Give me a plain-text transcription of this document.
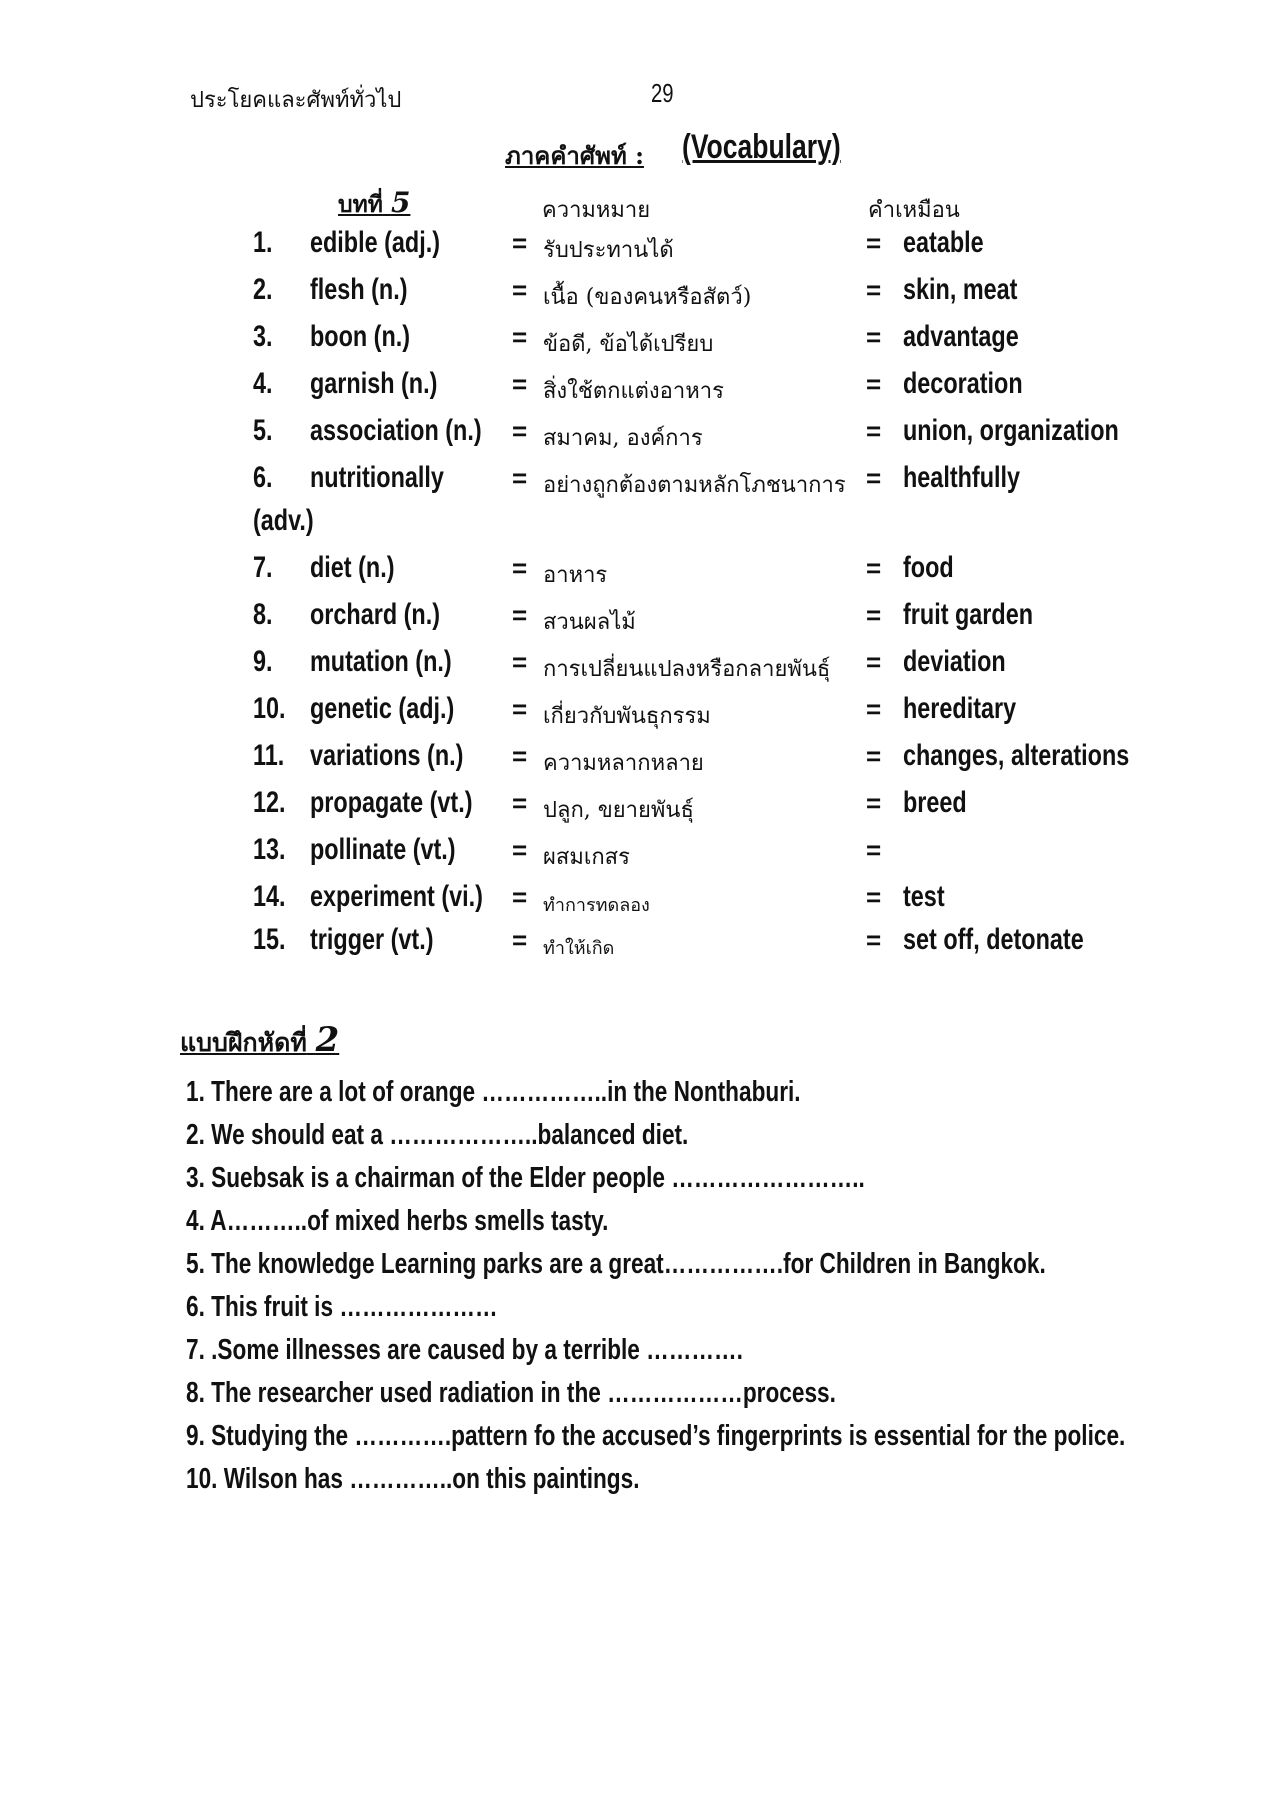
ประโยคและศัพท์ทั่วไป	29
ภาคคำศัพท์ : (Vocabulary)
บทที่ 5	ความหมาย	คำเหมือน
1. edible (adj.)	= รับประทานได้	= eatable
2. flesh (n.)	= เนื้อ (ของคนหรือสัตว์)	= skin, meat
3. boon (n.)	= ข้อดี, ข้อได้เปรียบ	= advantage
4. garnish (n.)	= สิ่งใช้ตกแต่งอาหาร	= decoration
5. association (n.) = สมาคม, องค์การ	= union, organization
6. nutritionally	= อย่างถูกต้องตามหลักโภชนาการ = healthfully
(adv.)
7. diet (n.)	= อาหาร	= food
8. orchard (n.)	= สวนผลไม้	= fruit garden
9. mutation (n.) = การเปลี่ยนแปลงหรือกลายพันธุ์ = deviation
10. genetic (adj.) = เกี่ยวกับพันธุกรรม	= hereditary
11. variations (n.) = ความหลากหลาย	= changes, alterations
12. propagate (vt.) = ปลูก, ขยายพันธุ์	= breed
13. pollinate (vt.) = ผสมเกสร	=
14. experiment (vi.) = ทำการทดลอง	= test
15. trigger (vt.)	= ทำให้เกิด	= set off, detonate
แบบฝึกหัดที่ 2
1. There are a lot of orange ……………..in the Nonthaburi.
2. We should eat a ………………..balanced diet.
3. Suebsak is a chairman of the Elder people ……………………..
4. A………..of mixed herbs smells tasty.
5. The knowledge Learning parks are a great…………….for Children in Bangkok.
6. This fruit is …………………
7. .Some illnesses are caused by a terrible ………….
8. The researcher used radiation in the ………………process.
9. Studying the ………….pattern fo the accused’s fingerprints is essential for the police.
10. Wilson has …………..on this paintings.
